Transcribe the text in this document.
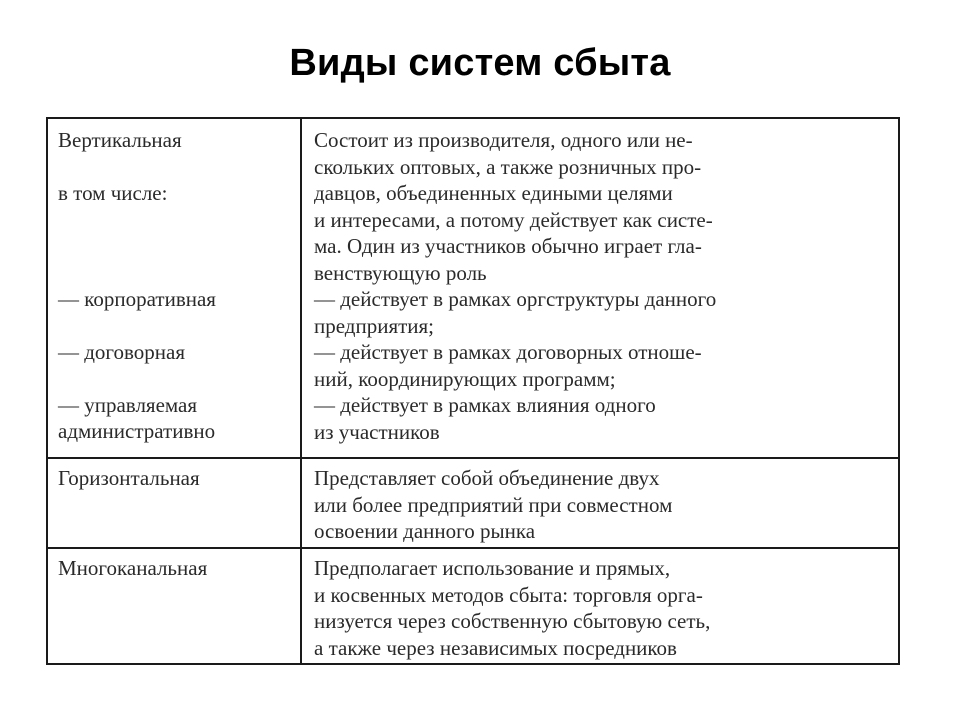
Виды систем сбыта
Вертикальная
в том числе:
— корпоративная
— договорная
— управляемая
административно
Состоит из производителя, одного или не-
скольких оптовых, а также розничных про-
давцов, объединенных едиными целями
и интересами, а потому действует как систе-
ма. Один из участников обычно играет гла-
венствующую роль
— действует в рамках оргструктуры данного
предприятия;
— действует в рамках договорных отноше-
ний, координирующих программ;
— действует в рамках влияния одного
из участников
Горизонтальная	Представляет собой объединение двух
или более предприятий при совместном
освоении данного рынка
Многоканальная	Предполагает использование и прямых,
и косвенных методов сбыта: торговля орга-
низуется через собственную сбытовую сеть,
а также через независимых посредников
